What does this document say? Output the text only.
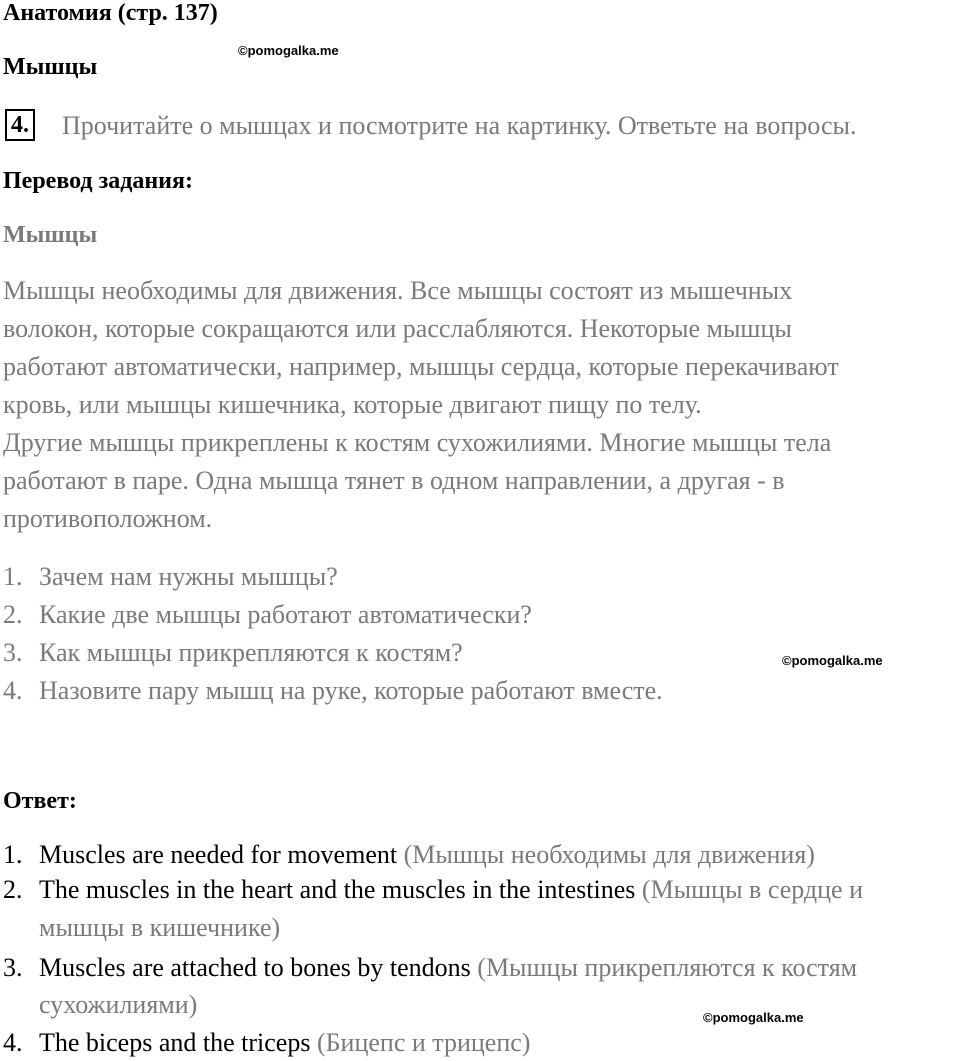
Анатомия (стр. 137)
Мышцы
©pomogalka.me
4. Прочитайте о мышцах и посмотрите на картинку. Ответьте на вопросы.
Перевод задания:
Мышцы
Мышцы необходимы для движения. Все мышцы состоят из мышечных
волокон, которые сокращаются или расслабляются. Некоторые мышцы
работают автоматически, например, мышцы сердца, которые перекачивают
кровь, или мышцы кишечника, которые двигают пищу по телу.
Другие мышцы прикреплены к костям сухожилиями. Многие мышцы тела
работают в паре. Одна мышца тянет в одном направлении, а другая - в
противоположном.
1. Зачем нам нужны мышцы?
2. Какие две мышцы работают автоматически?
3. Как мышцы прикрепляются к костям?	©pomogalka.me
4. Назовите пару мышц на руке, которые работают вместе.
Ответ:
1. Muscles are needed for movement (Мышцы необходимы для движения)
2. The muscles in the heart and the muscles in the intestines (Мышцы в сердце и
мышцы в кишечнике)
3. Muscles are attached to bones by tendons (Мышцы прикрепляются к костям
сухожилиями)	©pomogalka.me
4. The biceps and the triceps (Бицепс и трицепс)
